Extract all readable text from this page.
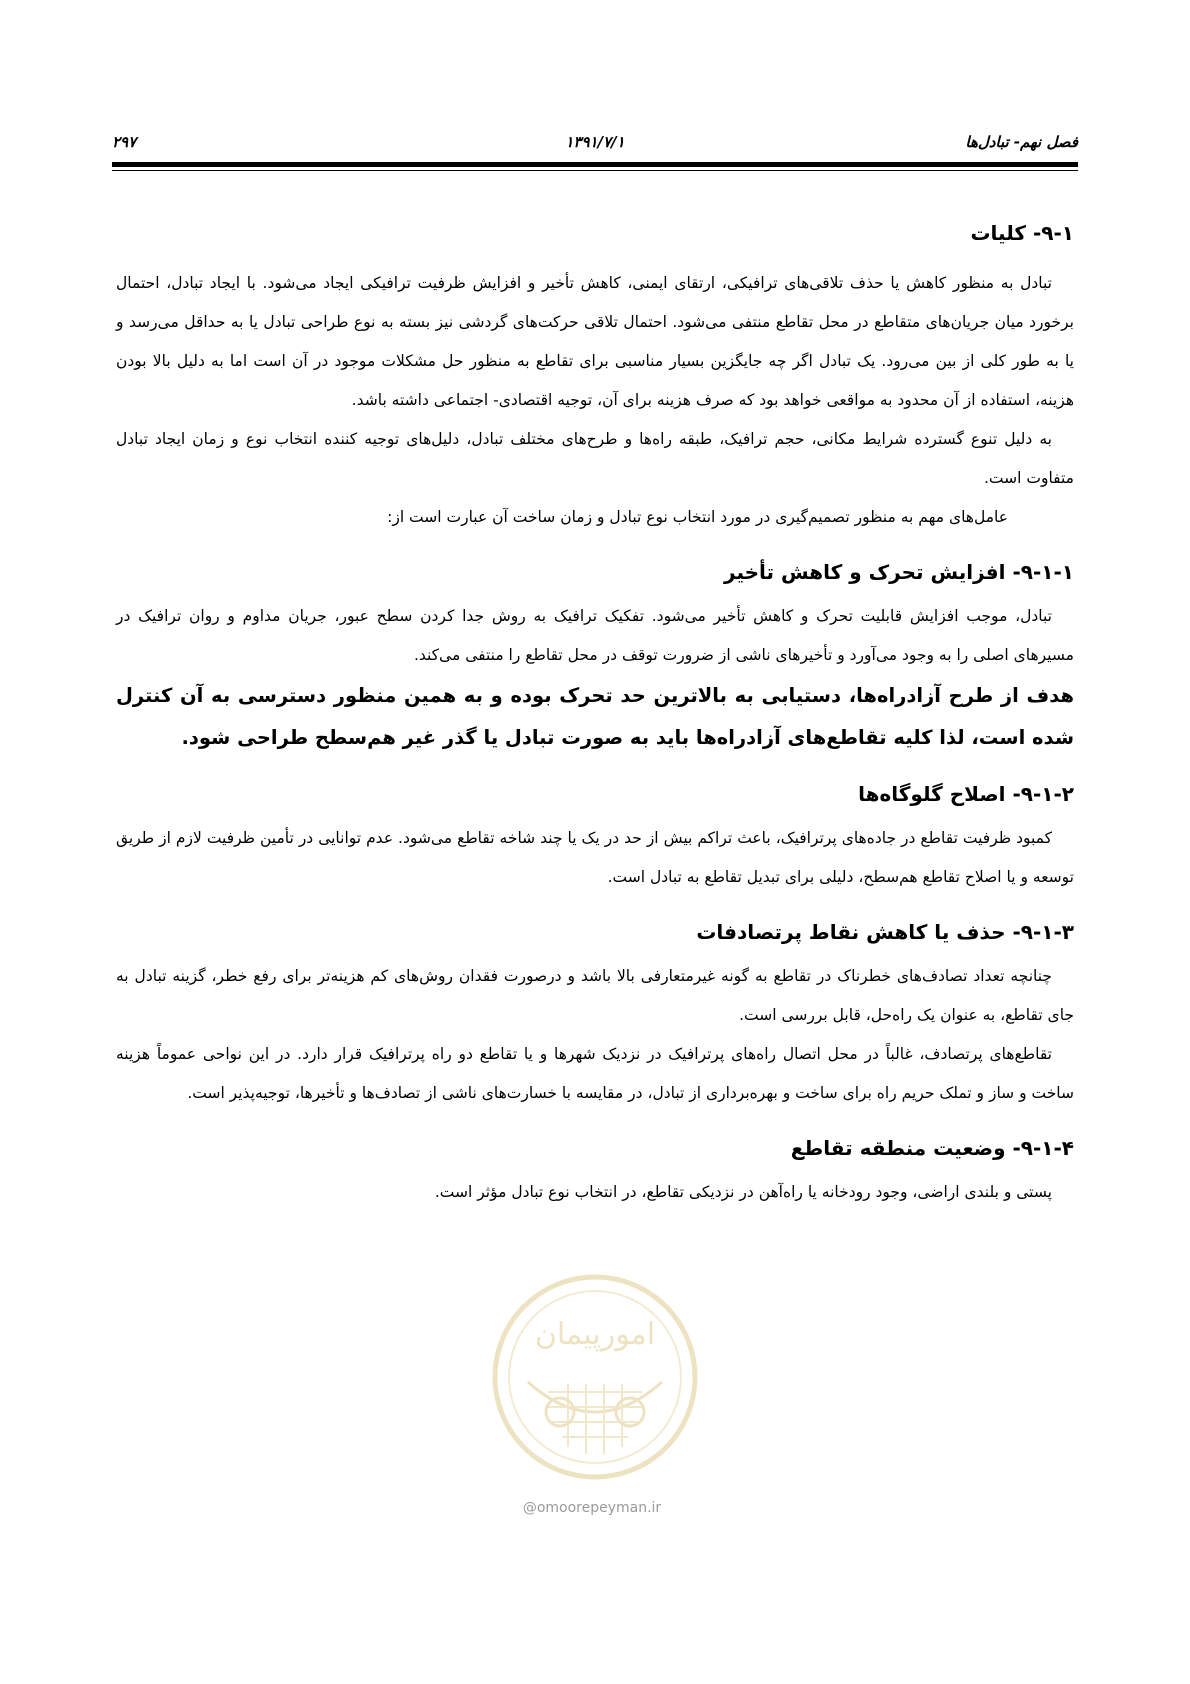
فصل نهم- تبادل‌ها
۱۳۹۱/۷/۱
۲۹۷
۹-۱- کلیات

تبادل به منظور کاهش یا حذف تلاقی‌های ترافیکی، ارتقای ایمنی، کاهش تأخیر و افزایش ظرفیت ترافیکی ایجاد می‌شود. با ایجاد تبادل، احتمال برخورد میان جریان‌های متقاطع در محل تقاطع منتفی می‌شود. احتمال تلاقی حرکت‌های گردشی نیز بسته به نوع طراحی تبادل یا به حداقل می‌رسد و یا به طور کلی از بین می‌رود. یک تبادل اگر چه جایگزین بسیار مناسبی برای تقاطع به منظور حل مشکلات موجود در آن است اما به دلیل بالا بودن هزینه، استفاده از آن محدود به مواقعی خواهد بود که صرف هزینه برای آن، توجیه اقتصادی- اجتماعی داشته باشد.

به دلیل تنوع گسترده شرایط مکانی، حجم ترافیک، طبقه راه‌ها و طرح‌های مختلف تبادل، دلیل‌های توجیه کننده انتخاب نوع و زمان ایجاد تبادل متفاوت است.

عامل‌های مهم به منظور تصمیم‌گیری در مورد انتخاب نوع تبادل و زمان ساخت آن عبارت است از:

۹-۱-۱- افزایش تحرک و کاهش تأخیر

تبادل، موجب افزایش قابلیت تحرک و کاهش تأخیر می‌شود. تفکیک ترافیک به روش جدا کردن سطح عبور، جریان مداوم و روان ترافیک در مسیرهای اصلی را به وجود می‌آورد و تأخیرهای ناشی از ضرورت توقف در محل تقاطع را منتفی می‌کند.

هدف از طرح آزادراه‌ها، دستیابی به بالاترین حد تحرک بوده و به همین منظور دسترسی به آن کنترل شده است، لذا کلیه تقاطع‌های آزادراه‌ها باید به صورت تبادل یا گذر غیر هم‌سطح طراحی شود.

۹-۱-۲- اصلاح گلوگاه‌ها

کمبود ظرفیت تقاطع در جاده‌های پرترافیک، باعث تراکم بیش از حد در یک یا چند شاخه تقاطع می‌شود. عدم توانایی در تأمین ظرفیت لازم از طریق توسعه و یا اصلاح تقاطع هم‌سطح، دلیلی برای تبدیل تقاطع به تبادل است.

۹-۱-۳- حذف یا کاهش نقاط پرتصادفات

چنانچه تعداد تصادف‌های خطرناک در تقاطع به گونه غیرمتعارفی بالا باشد و درصورت فقدان روش‌های کم هزینه‌تر برای رفع خطر، گزینه تبادل به جای تقاطع، به عنوان یک راه‌حل، قابل بررسی است.

تقاطع‌های پرتصادف، غالباً در محل اتصال راه‌های پرترافیک در نزدیک شهرها و یا تقاطع دو راه پرترافیک قرار دارد. در این نواحی عموماً هزینه ساخت و ساز و تملک حریم راه برای ساخت و بهره‌برداری از تبادل، در مقایسه با خسارت‌های ناشی از تصادف‌ها و تأخیرها، توجیه‌پذیر است.

۹-۱-۴- وضعیت منطقه تقاطع

پستی و بلندی اراضی، وجود رودخانه یا راه‌آهن در نزدیکی تقاطع، در انتخاب نوع تبادل مؤثر است.

امورپیمان
@omoorepeyman.ir
